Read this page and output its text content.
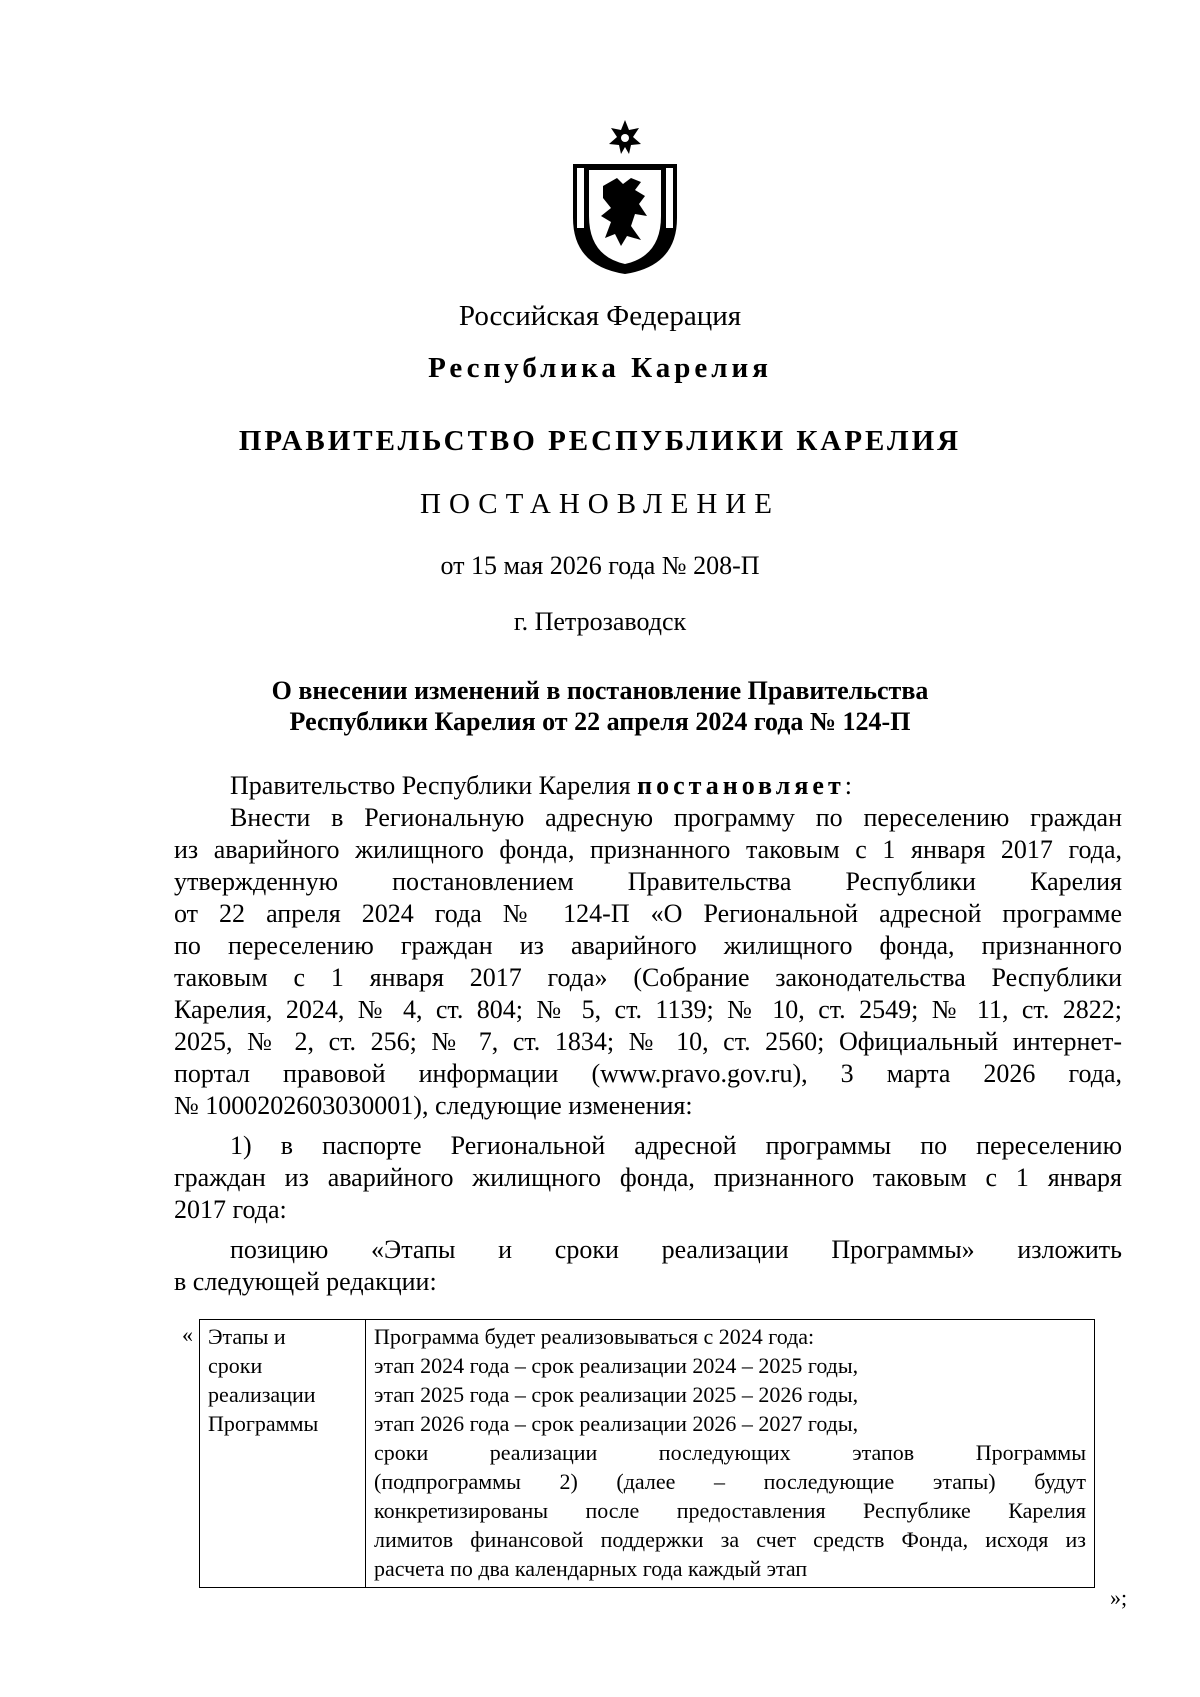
Российская Федерация
Республика Карелия
ПРАВИТЕЛЬСТВО РЕСПУБЛИКИ КАРЕЛИЯ
ПОСТАНОВЛЕНИЕ
от 15 мая 2026 года № 208-П
г. Петрозаводск
О внесении изменений в постановление Правительства
Республики Карелия от 22 апреля 2024 года № 124-П
Правительство Республики Карелия постановляет:
Внести в Региональную адресную программу по переселению граждан
из аварийного жилищного фонда, признанного таковым с 1 января 2017 года,
утвержденную постановлением Правительства Республики Карелия
от 22 апреля 2024 года № 124-П «О Региональной адресной программе
по переселению граждан из аварийного жилищного фонда, признанного
таковым с 1 января 2017 года» (Собрание законодательства Республики
Карелия, 2024, № 4, ст. 804; № 5, ст. 1139; № 10, ст. 2549; № 11, ст. 2822;
2025, № 2, ст. 256; № 7, ст. 1834; № 10, ст. 2560; Официальный интернет-
портал правовой информации (www.pravo.gov.ru), 3 марта 2026 года,
№ 1000202603030001), следующие изменения:
1) в паспорте Региональной адресной программы по переселению
граждан из аварийного жилищного фонда, признанного таковым с 1 января
2017 года:
позицию «Этапы и сроки реализации Программы» изложить
в следующей редакции:
« Этапы и
сроки
реализации
Программы

Программа будет реализовываться с 2024 года:
этап 2024 года – срок реализации 2024 – 2025 годы,
этап 2025 года – срок реализации 2025 – 2026 годы,
этап 2026 года – срок реализации 2026 – 2027 годы,
сроки реализации последующих этапов Программы
(подпрограммы 2) (далее – последующие этапы) будут
конкретизированы после предоставления Республике Карелия
лимитов финансовой поддержки за счет средств Фонда, исходя из
расчета по два календарных года каждый этап
»;
